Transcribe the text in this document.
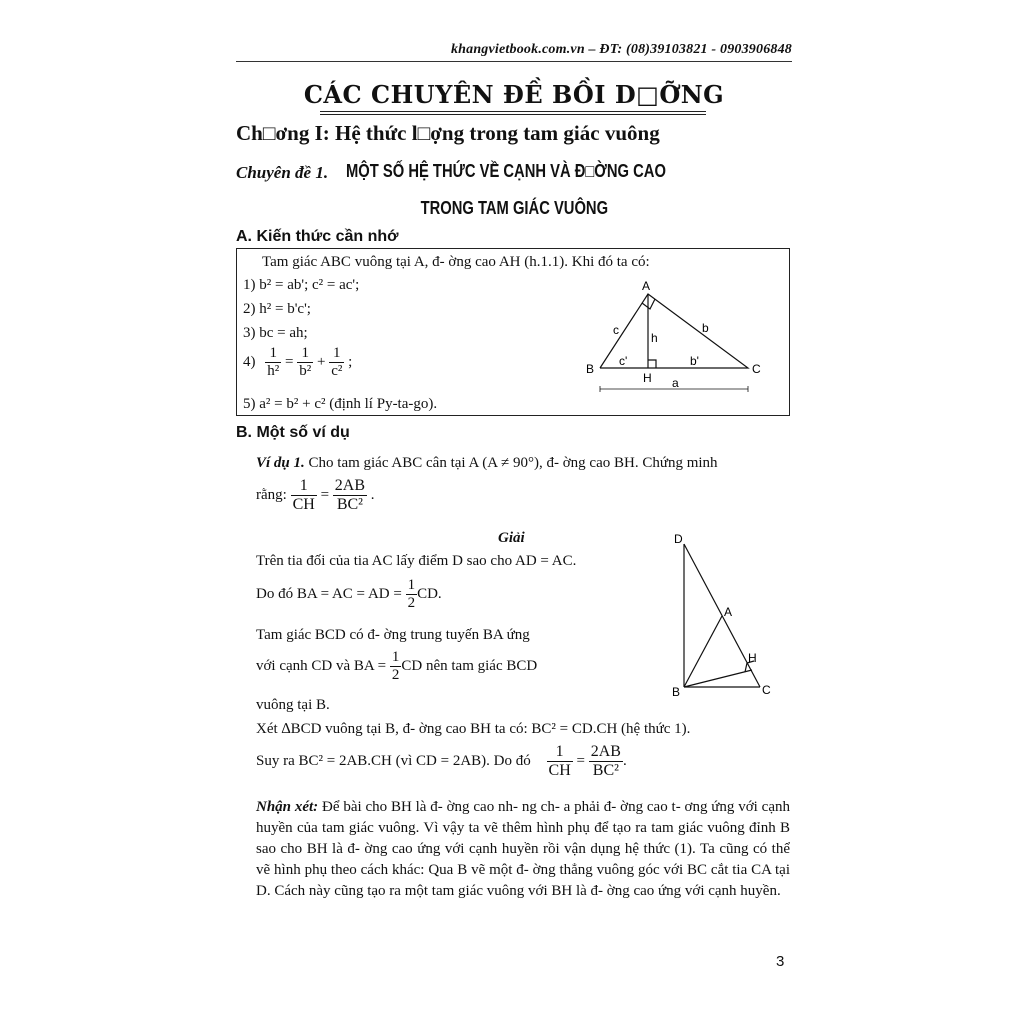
khangvietbook.com.vn – ĐT: (08)39103821 - 0903906848
CÁC CHUYÊN ĐỀ BỒI D□ỠNG
Ch□ơng I: Hệ thức l□ợng trong tam giác vuông
Chuyên đề 1. MỘT SỐ HỆ THỨC VỀ CẠNH VÀ Đ□ỜNG CAO
TRONG TAM GIÁC VUÔNG
A. Kiến thức cần nhớ
Tam giác ABC vuông tại A, đ- ờng cao AH (h.1.1). Khi đó ta có:
1) b² = ab'; c² = ac';
2) h² = b'c';
3) bc = ah;
$4) \frac{1}{\text{h²}} = \frac{1}{\text{b²}} + \frac{1}{\text{c²}}$ ;
5) a² = b² + c² (định lí Py-ta-go).
A
B	C
H
c	b
h
c'	b'
a
B. Một số ví dụ
Ví dụ 1. Cho tam giác ABC cân tại A (A ≠ 90°), đ- ờng cao BH. Chứng minh
rằng: $\frac{1}{CH} = \frac{2AB}{\text{BC²}}$ .
Giải
Trên tia đối của tia AC lấy điểm D sao cho AD = AC.
Do đó BA = AC = AD = $\frac{1}{2}$ CD.
Tam giác BCD có đ- ờng trung tuyến BA ứng
với cạnh CD và BA = $\frac{1}{2}$ CD nên tam giác BCD
vuông tại B.
Xét ∆BCD vuông tại B, đ- ờng cao BH ta có: BC² = CD.CH (hệ thức 1).
Suy ra BC² = 2AB.CH (vì CD = 2AB). Do đó $\frac{1}{CH} = \frac{2AB}{\text{BC²}}$ .
Nhận xét: Để bài cho BH là đ- ờng cao nh- ng ch- a phải đ- ờng cao t- ơng ứng với cạnh huyền của tam giác vuông. Vì vậy ta vẽ thêm hình phụ để tạo ra tam giác vuông đỉnh B sao cho BH là đ- ờng cao ứng với cạnh huyền rồi vận dụng hệ thức (1). Ta cũng có thể vẽ hình phụ theo cách khác: Qua B vẽ một đ- ờng thẳng vuông góc với BC cắt tia CA tại D. Cách này cũng tạo ra một tam giác vuông với BH là đ- ờng cao ứng với cạnh huyền.
D
A
H
B	C
3
